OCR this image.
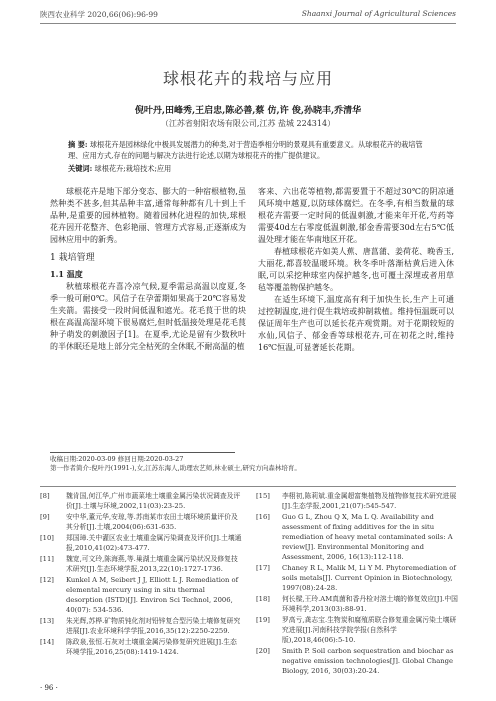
陕西农业科学 2020,66(06):96-99	Shaanxi Journal of Agricultural Sciences
球根花卉的栽培与应用
倪叶丹,田峰秀,王启忠,陈必善,蔡 仿,许 俊,孙晓丰,乔清华
（江苏省射阳农场有限公司,江苏 盐城 224314）
摘 要: 球根花卉是园林绿化中极具发展潜力的种类,对于营造季相分明的景观具有重要意义。从球根花卉的栽培管理、应用方式,存在的问题与解决方法进行论述,以期为球根花卉的推广提供建议。
关键词: 球根花卉;栽培技术;应用

球根花卉是地下部分变态、膨大的一种宿根植物,虽然种类不甚多,但其品种丰富,通常每种都有几十到上千品种,是重要的园林植物。随着园林化进程的加快,球根花卉因开花整齐、色彩艳丽、管理方式容易,正逐渐成为园林应用中的新秀。

1 栽培管理
1.1 温度

秋植球根花卉喜冷凉气候,夏季需忌高温以度夏,冬季一般可耐0℃。风信子在孕蕾期如果高于20℃容易发生夹箭。需接受一段时间低温和遮光。花毛茛于世的块根在高温高湿环境下很易腐烂,但时低温接处理是花毛茛种子萌发的刺激因子[1]。在夏季,尤论是留有少数秋叶的半休眠还是地上部分完全枯死的全休眠,不耐高温的植

客来、六出花等植物,都需要置于不超过30℃的阴凉通风环境中越夏,以防球体腐烂。在冬季,有相当数量的球根花卉需要一定时间的低温刺激,才能来年开花,芍药等需要40d左右零度低温刺激,郁金香需要30d左右5℃低温处理才能在华南地区开花。

春植球根花卉如美人蕉、唐菖蒲、姜荷花、晚香玉,大丽花,都喜较温暖环境。秋冬季叶落渐枯黄后进入休眠,可以采挖种球室内保护越冬,也可覆土深埋或者用草毡等覆盖物保护越冬。

在适生环境下,温度高有利于加快生长,生产上可通过控制温度,进行促生栽培或抑制栽植。维持恒温既可以保证周年生产也可以延长花卉观赏期。对于花期较短的水仙,风信子、郁金香等球根花卉,可在初花之时,维持16℃恒温,可显著延长花期。

收稿日期:2020-03-09 修回日期:2020-03-27
第一作者简介:倪叶丹(1991-),女,江苏东海人,助理农艺师,林业硕士,研究方向森林培育。
[8] 魏肯国,何江华,广州市蔬菜地土壤重金属污染状况调查及评价[J].土壤与环境,2002,11(03):23-25.
[9] 安中华,董元华,安琼,等.苏南某市农田土壤环境质量评价及其分析[J].土壤,2004(06):631-635.
[10] 郑国璋.关中灌区农业土壤重金属污染调查及评价[J].土壤通报,2010,41(02):473-477.
[11] 魏宽,可文玲,陈海燕,等.巢湖土壤重金属污染状况及修复技术研究[J].生态环境学报,2013,22(10):1727-1736.
[12] Kunkel A M, Seibert J J, Elliott L J. Remediation of elemental mercury using in situ thermal desorption (ISTD)[J]. Environ Sci Technol, 2006, 40(07): 534-536.
[13] 朱光辉,苏桦.矿物质钝化剂对铅锌复合型污染土壤修复研究进展[J].农业环境科学学报,2016,35(12):2250-2259.
[14] 陈政泉,张恒.石灰对土壤重金属污染修复研究进展[J].生态环境学报,2016,25(08):1419-1424.
[15] 李栩初,陈莉斌.重金属超富集植物及植物修复技术研究进展[J].生态学报,2001,21(07):545-547.
[16] Guo G L, Zhou Q X, Ma L Q. Availability and assessment of fixing additives for the in situ remediation of heavy metal contaminated soils: A review[J]. Environmental Monitoring and Assessment, 2006, 16(13):112-118.
[17] Chaney R L, Malik M, Li Y M. Phytoremediation of soils metals[J]. Current Opinion in Biotechnology, 1997(08):24-28.
[18] 何长樑,王玲.AM真菌和香丹检对溶土壤的修复效应[J].中国环境科学,2013(03):88-91.
[19] 罗高亏,龚志宝.生物炭和腐殖质联合修复重金属污染土壤研究进展[J].河南科技学院学报(自然科学版),2018,46(06):5-10.
[20] Smith P. Soil carbon sequestration and biochar as negative emission technologies[J]. Global Change Biology, 2016, 30(03):20-24.
· 96 ·
